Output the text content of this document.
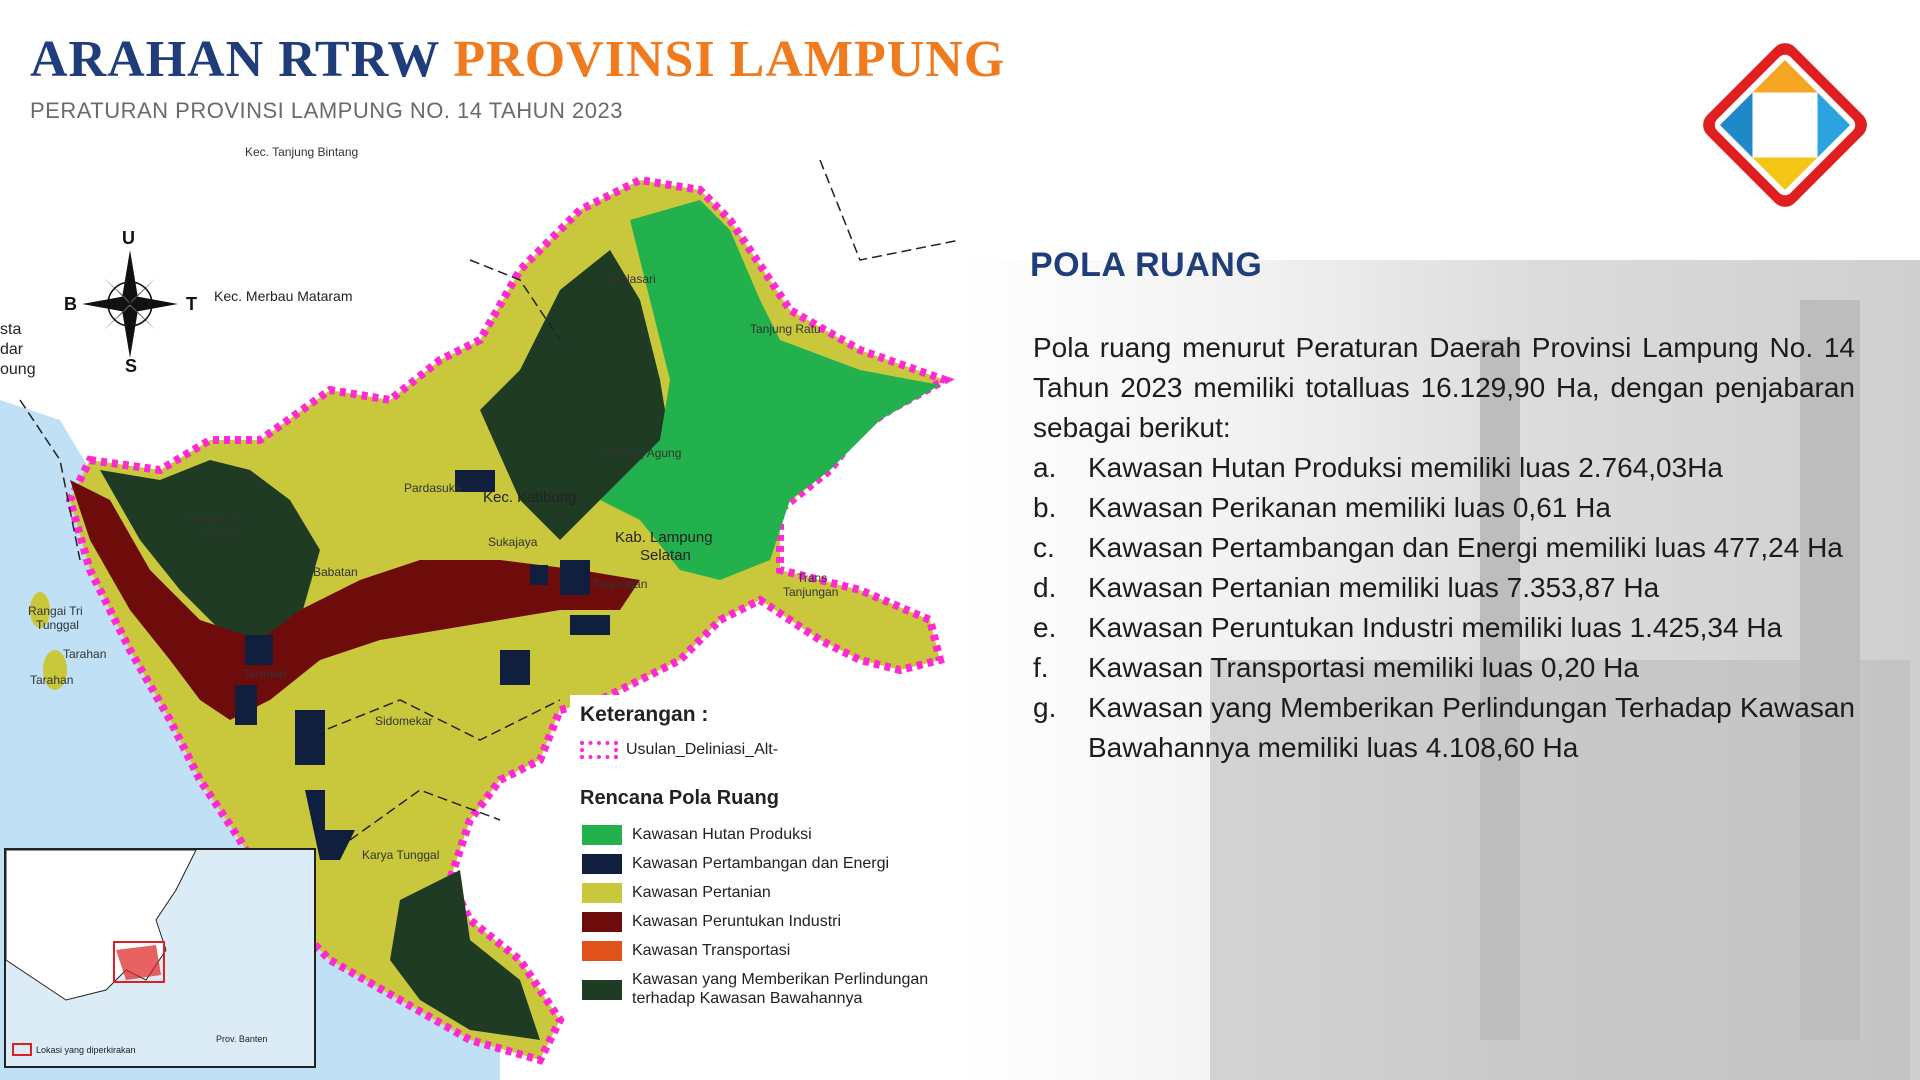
ARAHAN RTRW PROVINSI LAMPUNG

PERATURAN PROVINSI LAMPUNG NO. 14 TAHUN 2023

Kec. Tanjung Bintang
Neglasari
Tanjung Ratu
Tanjung Agung
Pardasuka
Kec. Katibung
Rangai Tri
Tunggal
Sukajaya	Kab. Lampung
Selatan
Babatan
Tanjungan	Trans
Tanjungan
Rangai Tri
Tunggal
Tarahan
Tarahan	Tarahan
Sidomekar
Karya Tunggal
U
B	T
S
Kec. Merbau Mataram
sta
dar
oung

Keterangan :

Usulan_Deliniasi_Alt-

Rencana Pola Ruang

Kawasan Hutan Produksi
Kawasan Pertambangan dan Energi
Kawasan Pertanian
Kawasan Peruntukan Industri
Kawasan Transportasi
Kawasan yang Memberikan Perlindungan terhadap Kawasan Bawahannya
Lokasi yang diperkirakan
Prov. Banten
POLA RUANG

Pola ruang menurut Peraturan Daerah Provinsi Lampung No. 14 Tahun 2023 memiliki totalluas 16.129,90 Ha, dengan penjabaran sebagai berikut:

a.	Kawasan Hutan Produksi memiliki luas 2.764,03Ha
b.	Kawasan Perikanan memiliki luas 0,61 Ha
c.	Kawasan Pertambangan dan Energi memiliki luas 477,24 Ha
d.	Kawasan Pertanian memiliki luas 7.353,87 Ha
e.	Kawasan Peruntukan Industri memiliki luas 1.425,34 Ha
f.	Kawasan Transportasi memiliki luas 0,20 Ha
g.	Kawasan yang Memberikan Perlindungan Terhadap Kawasan Bawahannya memiliki luas 4.108,60 Ha
